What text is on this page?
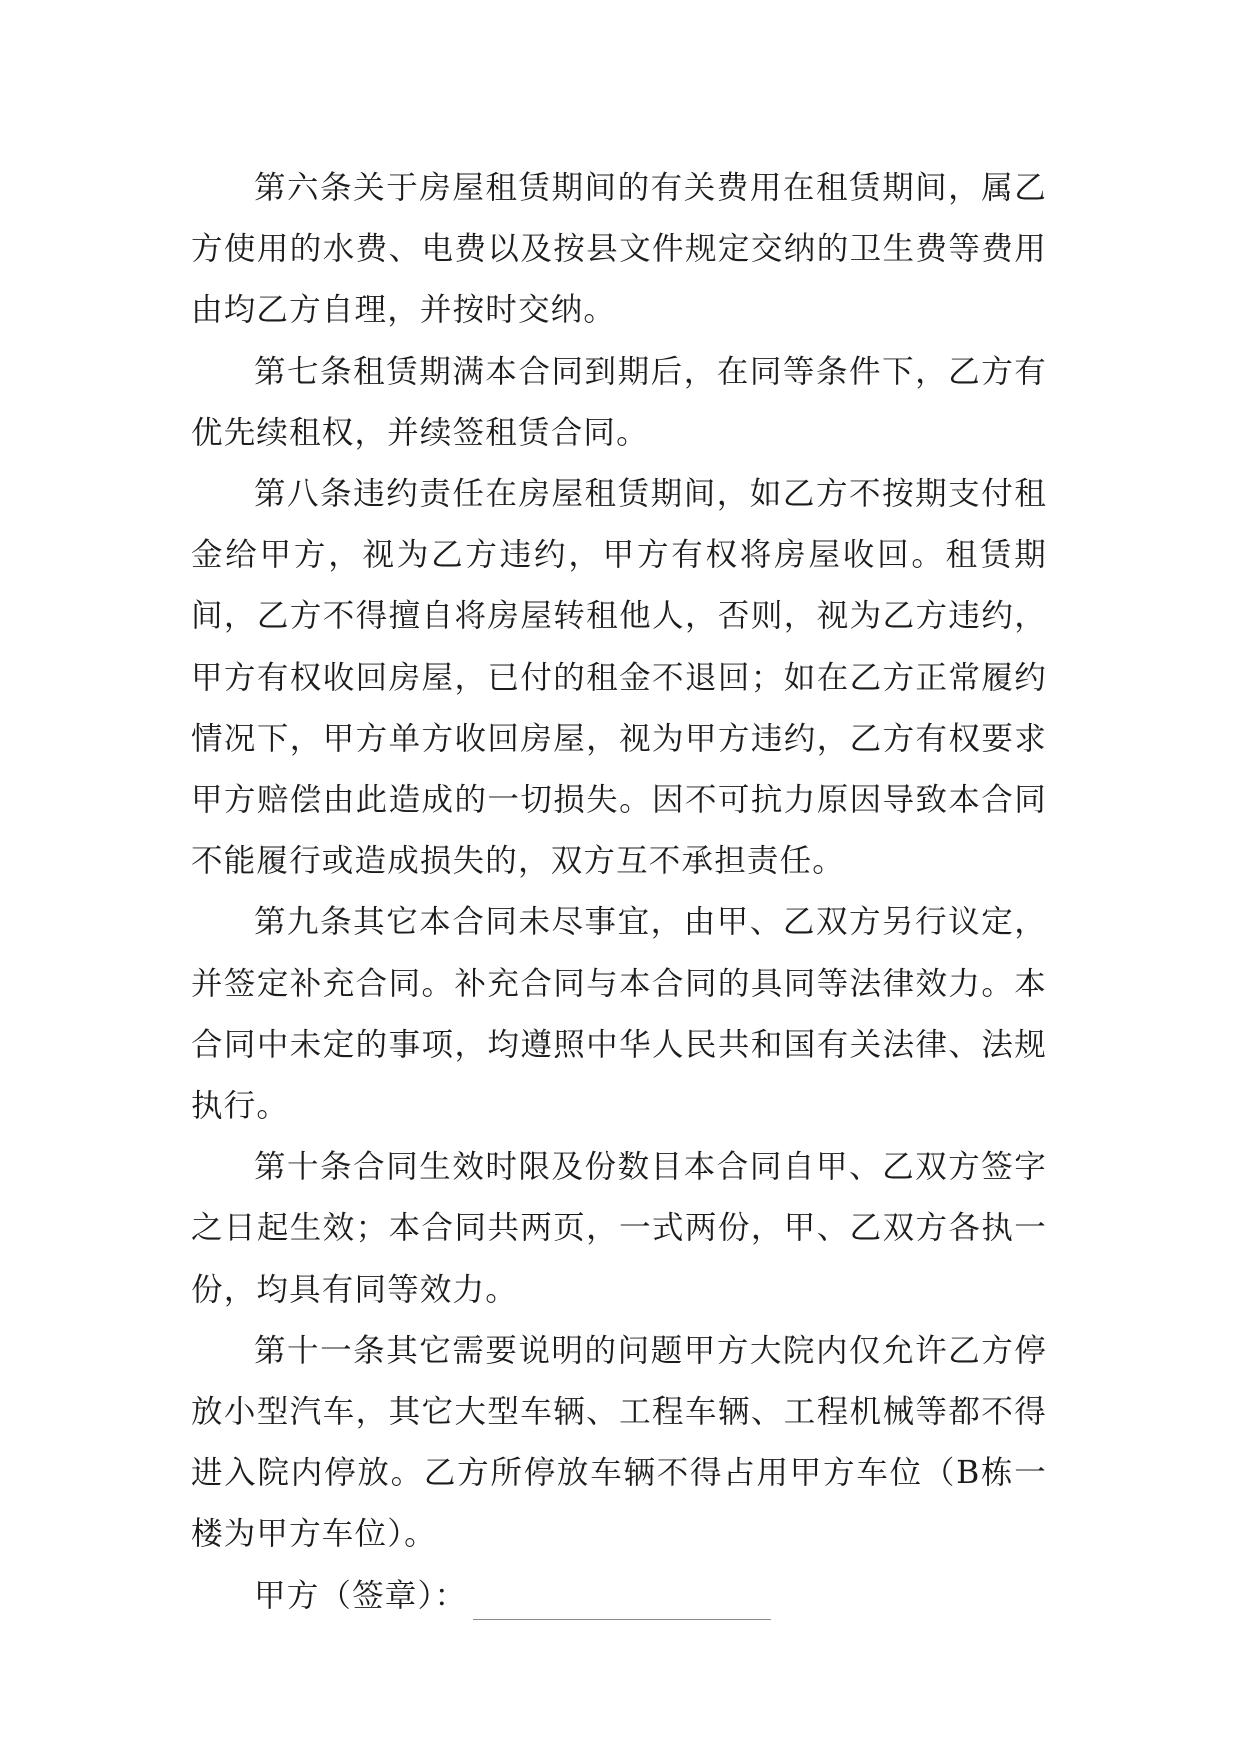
第六条关于房屋租赁期间的有关费用在租赁期间，属乙方使用的水费、电费以及按县文件规定交纳的卫生费等费用由均乙方自理，并按时交纳。

第七条租赁期满本合同到期后，在同等条件下，乙方有优先续租权，并续签租赁合同。

第八条违约责任在房屋租赁期间，如乙方不按期支付租金给甲方，视为乙方违约，甲方有权将房屋收回。租赁期间，乙方不得擅自将房屋转租他人，否则，视为乙方违约，甲方有权收回房屋，已付的租金不退回；如在乙方正常履约情况下，甲方单方收回房屋，视为甲方违约，乙方有权要求甲方赔偿由此造成的一切损失。因不可抗力原因导致本合同不能履行或造成损失的，双方互不承担责任。

第九条其它本合同未尽事宜，由甲、乙双方另行议定，并签定补充合同。补充合同与本合同的具同等法律效力。本合同中未定的事项，均遵照中华人民共和国有关法律、法规执行。

第十条合同生效时限及份数目本合同自甲、乙双方签字之日起生效；本合同共两页，一式两份，甲、乙双方各执一份，均具有同等效力。

第十一条其它需要说明的问题甲方大院内仅允许乙方停放小型汽车，其它大型车辆、工程车辆、工程机械等都不得进入院内停放。乙方所停放车辆不得占用甲方车位（B栋一楼为甲方车位）。

甲方（签章）：
